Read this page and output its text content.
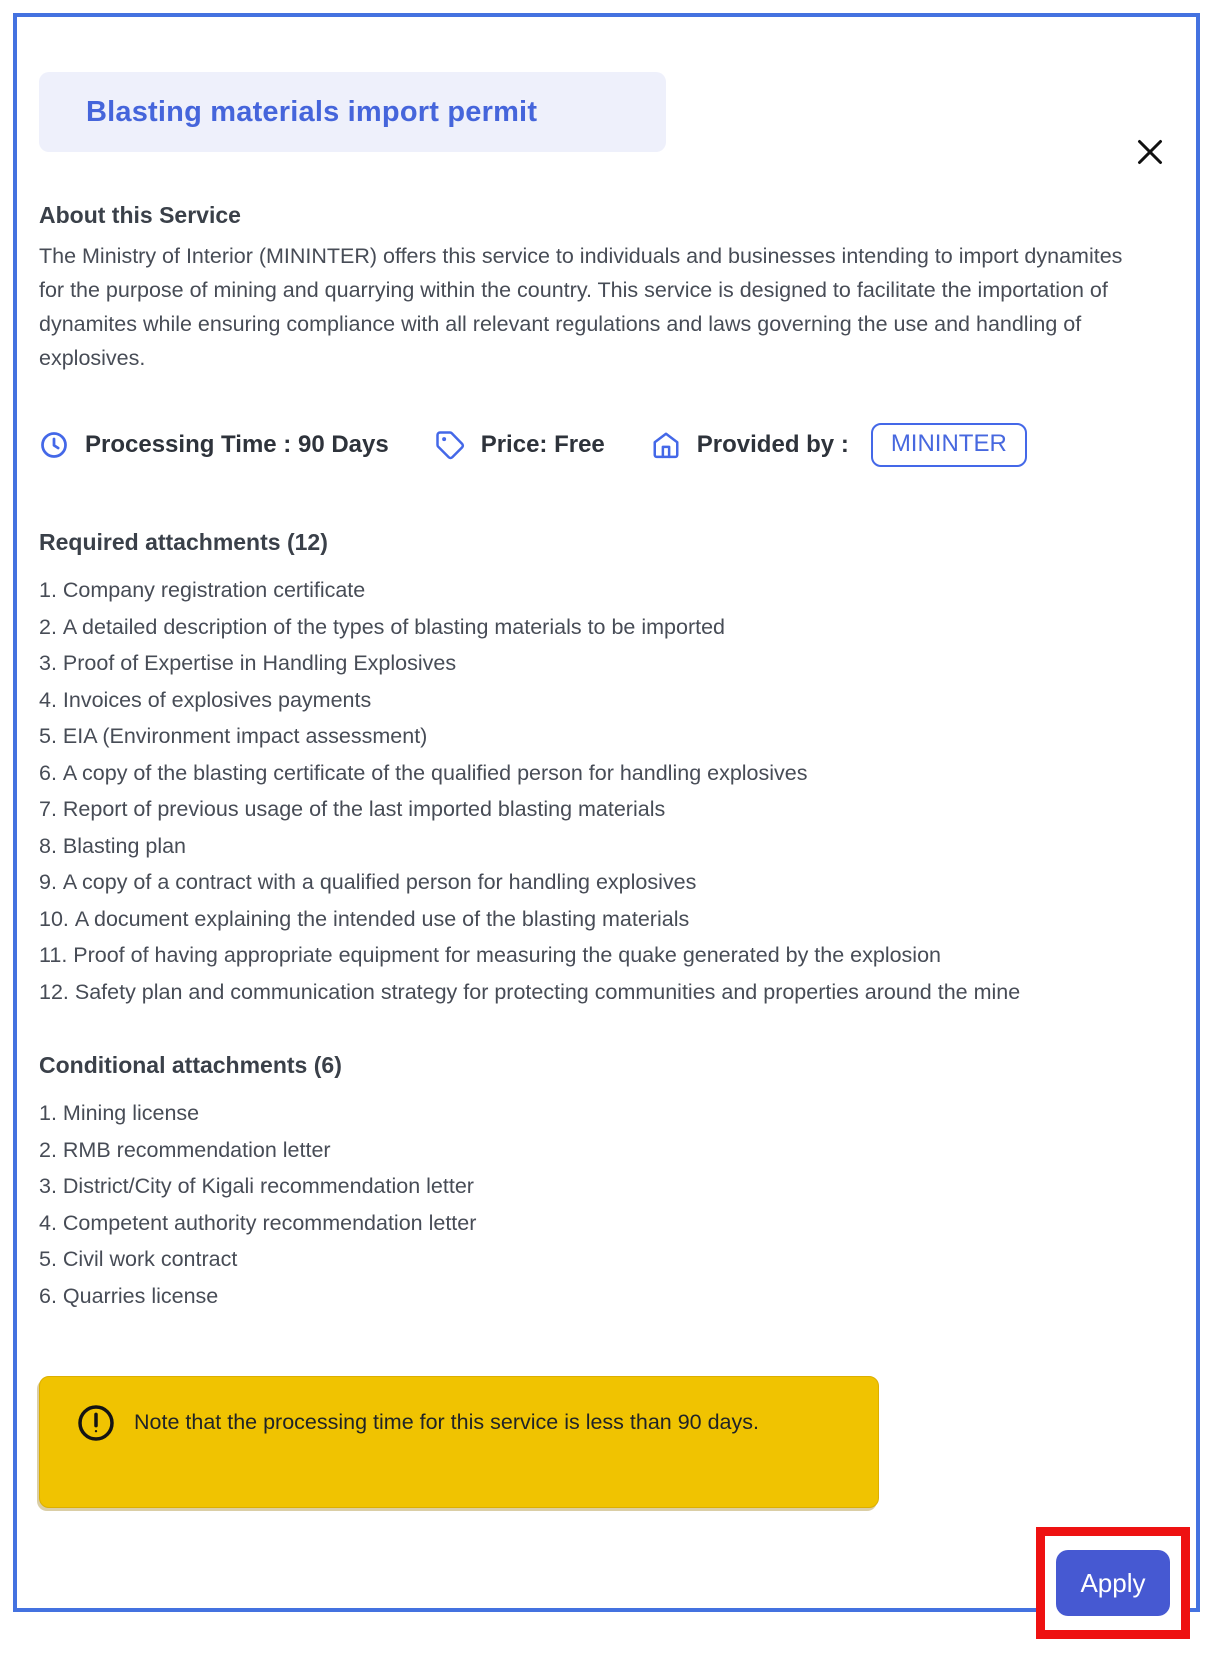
Blasting materials import permit
About this Service

The Ministry of Interior (MININTER) offers this service to individuals and businesses intending to import dynamites for the purpose of mining and quarrying within the country. This service is designed to facilitate the importation of dynamites while ensuring compliance with all relevant regulations and laws governing the use and handling of explosives.

Processing Time : 90 Days	Price: Free	Provided by :	MININTER
Required attachments (12)
1. Company registration certificate
2. A detailed description of the types of blasting materials to be imported
3. Proof of Expertise in Handling Explosives
4. Invoices of explosives payments
5. EIA (Environment impact assessment)
6. A copy of the blasting certificate of the qualified person for handling explosives
7. Report of previous usage of the last imported blasting materials
8. Blasting plan
9. A copy of a contract with a qualified person for handling explosives
10. A document explaining the intended use of the blasting materials
11. Proof of having appropriate equipment for measuring the quake generated by the explosion
12. Safety plan and communication strategy for protecting communities and properties around the mine
Conditional attachments (6)
1. Mining license
2. RMB recommendation letter
3. District/City of Kigali recommendation letter
4. Competent authority recommendation letter
5. Civil work contract
6. Quarries license

Note that the processing time for this service is less than 90 days.

Apply
